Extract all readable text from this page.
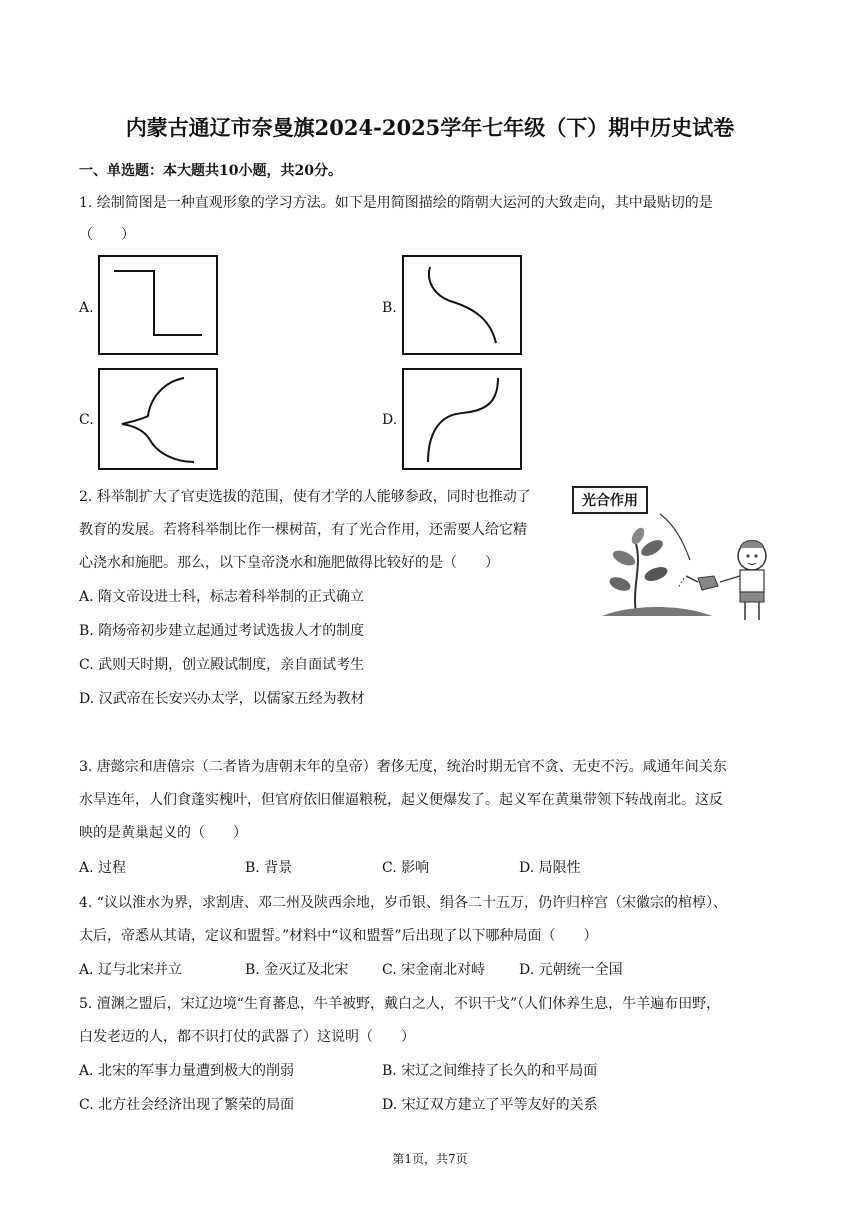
内蒙古通辽市奈曼旗2024-2025学年七年级（下）期中历史试卷
一、单选题：本大题共10小题，共20分。
1. 绘制简图是一种直观形象的学习方法。如下是用简图描绘的隋朝大运河的大致走向，其中最贴切的是
（　　）
A.	B.
C.	D.
2. 科举制扩大了官吏选拔的范围，使有才学的人能够参政，同时也推动了
教育的发展。若将科举制比作一棵树苗，有了光合作用，还需要人给它精
心浇水和施肥。那么，以下皇帝浇水和施肥做得比较好的是（　　）
光合作用
A. 隋文帝设进士科，标志着科举制的正式确立
B. 隋炀帝初步建立起通过考试选拔人才的制度
C. 武则天时期，创立殿试制度，亲自面试考生
D. 汉武帝在长安兴办太学，以儒家五经为教材
3. 唐懿宗和唐僖宗（二者皆为唐朝末年的皇帝）奢侈无度，统治时期无官不贪、无吏不污。咸通年间关东
水旱连年，人们食蓬实槐叶，但官府依旧催逼粮税，起义便爆发了。起义军在黄巢带领下转战南北。这反
映的是黄巢起义的（　　）
A. 过程	B. 背景	C. 影响	D. 局限性
4. “议以淮水为界，求割唐、邓二州及陕西余地，岁币银、绢各二十五万，仍许归梓宫（宋徽宗的棺椁）、
太后，帝悉从其请，定议和盟誓。”材料中“议和盟誓”后出现了以下哪种局面（　　）
A. 辽与北宋并立	B. 金灭辽及北宋 C. 宋金南北对峙 D. 元朝统一全国
5. 澶渊之盟后，宋辽边境“生育蕃息，牛羊被野，戴白之人，不识干戈”（人们休养生息，牛羊遍布田野，
白发老迈的人，都不识打仗的武器了）这说明（　　）
A. 北宋的军事力量遭到极大的削弱	B. 宋辽之间维持了长久的和平局面
C. 北方社会经济出现了繁荣的局面	D. 宋辽双方建立了平等友好的关系
第1页，共7页
